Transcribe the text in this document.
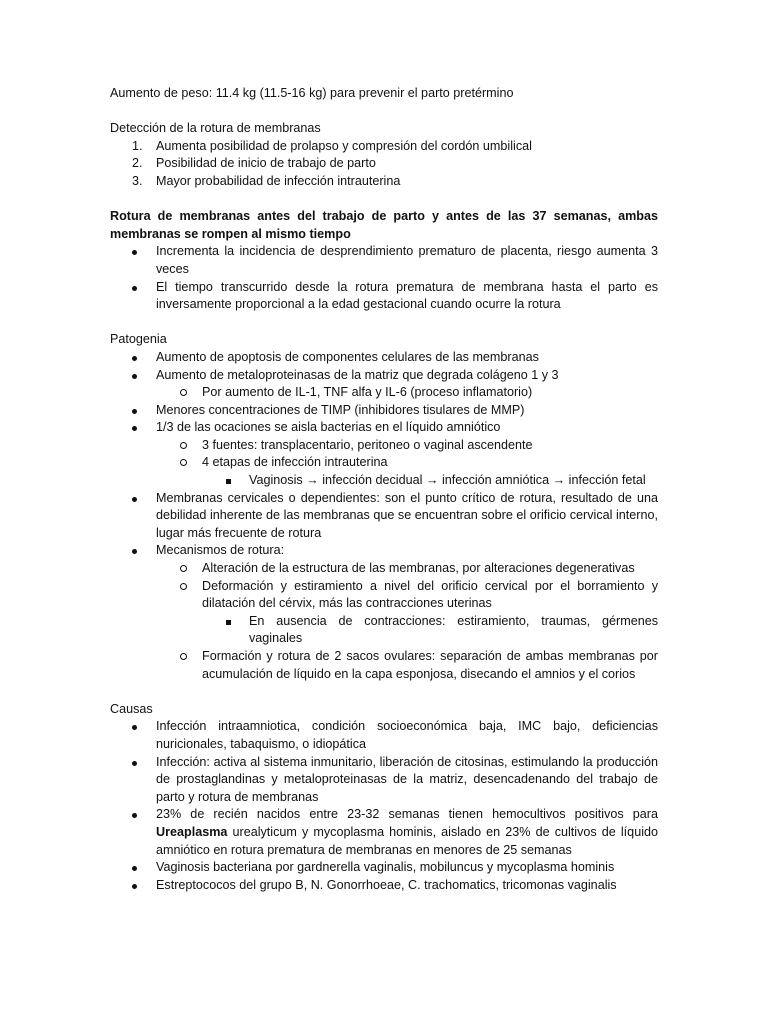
Aumento de peso: 11.4 kg (11.5-16 kg) para prevenir el parto pretérmino

Detección de la rotura de membranas

1. Aumenta posibilidad de prolapso y compresión del cordón umbilical
2. Posibilidad de inicio de trabajo de parto
3. Mayor probabilidad de infección intrauterina

Rotura de membranas antes del trabajo de parto y antes de las 37 semanas, ambas membranas se rompen al mismo tiempo

Incrementa la incidencia de desprendimiento prematuro de placenta, riesgo aumenta 3 veces
El tiempo transcurrido desde la rotura prematura de membrana hasta el parto es inversamente proporcional a la edad gestacional cuando ocurre la rotura

Patogenia

Aumento de apoptosis de componentes celulares de las membranas
Aumento de metaloproteinasas de la matriz que degrada colágeno 1 y 3
Por aumento de IL-1, TNF alfa y IL-6 (proceso inflamatorio)
Menores concentraciones de TIMP (inhibidores tisulares de MMP)
1/3 de las ocaciones se aisla bacterias en el líquido amniótico
3 fuentes: transplacentario, peritoneo o vaginal ascendente
4 etapas de infección intrauterina
Vaginosis → infección decidual → infección amniótica → infección fetal
Membranas cervicales o dependientes: son el punto crítico de rotura, resultado de una debilidad inherente de las membranas que se encuentran sobre el orificio cervical interno, lugar más frecuente de rotura
Mecanismos de rotura:
Alteración de la estructura de las membranas, por alteraciones degenerativas
Deformación y estiramiento a nivel del orificio cervical por el borramiento y dilatación del cérvix, más las contracciones uterinas
En ausencia de contracciones: estiramiento, traumas, gérmenes vaginales
Formación y rotura de 2 sacos ovulares: separación de ambas membranas por acumulación de líquido en la capa esponjosa, disecando el amnios y el corios

Causas

Infección intraamniotica, condición socioeconómica baja, IMC bajo, deficiencias nuricionales, tabaquismo, o idiopática
Infección: activa al sistema inmunitario, liberación de citosinas, estimulando la producción de prostaglandinas y metaloproteinasas de la matriz, desencadenando del trabajo de parto y rotura de membranas
23% de recién nacidos entre 23-32 semanas tienen hemocultivos positivos para Ureaplasma urealyticum y mycoplasma hominis, aislado en 23% de cultivos de líquido amniótico en rotura prematura de membranas en menores de 25 semanas
Vaginosis bacteriana por gardnerella vaginalis, mobiluncus y mycoplasma hominis
Estreptococos del grupo B, N. Gonorrhoeae, C. trachomatics, tricomonas vaginalis
